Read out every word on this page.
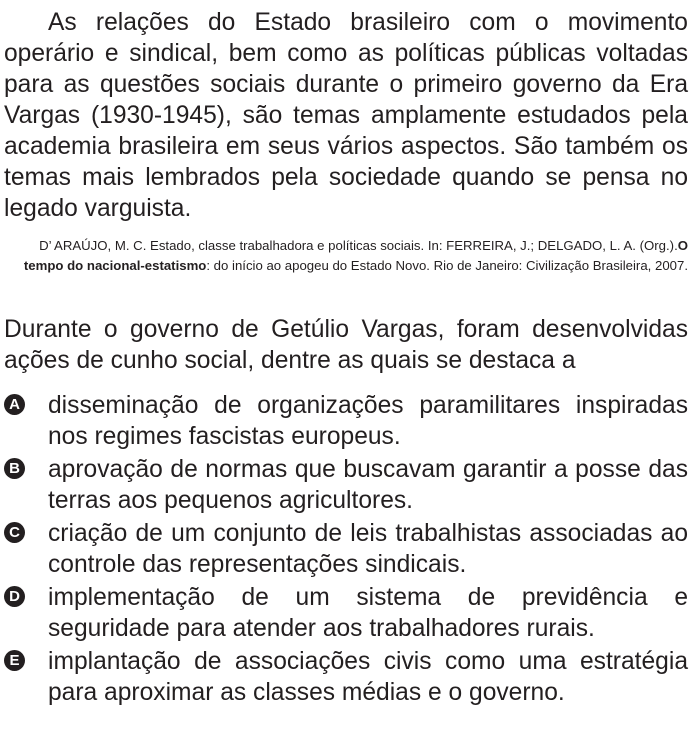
As relações do Estado brasileiro com o movimento operário e sindical, bem como as políticas públicas voltadas para as questões sociais durante o primeiro governo da Era Vargas (1930-1945), são temas amplamente estudados pela academia brasileira em seus vários aspectos. São também os temas mais lembrados pela sociedade quando se pensa no legado varguista.

D’ ARAÚJO, M. C. Estado, classe trabalhadora e políticas sociais. In: FERREIRA, J.; DELGADO, L. A. (Org.).O tempo do nacional-estatismo: do início ao apogeu do Estado Novo. Rio de Janeiro: Civilização Brasileira, 2007.

Durante o governo de Getúlio Vargas, foram desenvolvidas ações de cunho social, dentre as quais se destaca a

A disseminação de organizações paramilitares inspiradas nos regimes fascistas europeus.

B aprovação de normas que buscavam garantir a posse das terras aos pequenos agricultores.

C criação de um conjunto de leis trabalhistas associadas ao controle das representações sindicais.

D implementação de um sistema de previdência e seguridade para atender aos trabalhadores rurais.

E implantação de associações civis como uma estratégia para aproximar as classes médias e o governo.
